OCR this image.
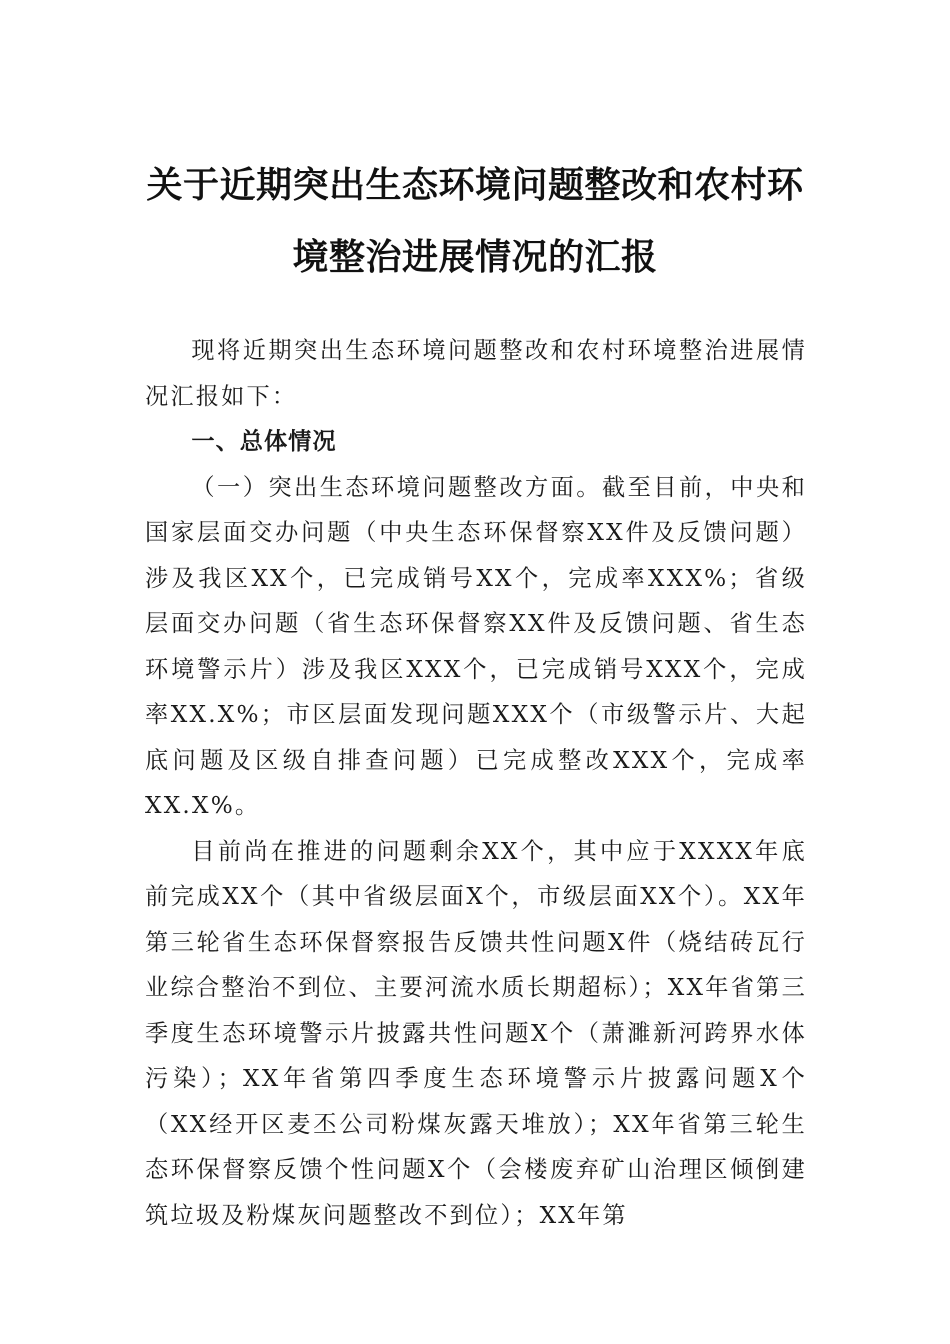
关于近期突出生态环境问题整改和农村环
境整治进展情况的汇报

现将近期突出生态环境问题整改和农村环境整治进展情况汇报如下：

一、总体情况

（一）突出生态环境问题整改方面。截至目前，中央和国家层面交办问题（中央生态环保督察XX件及反馈问题）涉及我区XX个，已完成销号XX个，完成率XXX%；省级层面交办问题（省生态环保督察XX件及反馈问题、省生态环境警示片）涉及我区XXX个，已完成销号XXX个，完成率XX.X%；市区层面发现问题XXX个（市级警示片、大起底问题及区级自排查问题）已完成整改XXX个，完成率XX.X%。

目前尚在推进的问题剩余XX个，其中应于XXXX年底前完成XX个（其中省级层面X个，市级层面XX个）。XX年第三轮省生态环保督察报告反馈共性问题X件（烧结砖瓦行业综合整治不到位、主要河流水质长期超标）；XX年省第三季度生态环境警示片披露共性问题X个（萧濉新河跨界水体污染）；XX年省第四季度生态环境警示片披露问题X个（XX经开区麦丕公司粉煤灰露天堆放）；XX年省第三轮生态环保督察反馈个性问题X个（会楼废弃矿山治理区倾倒建筑垃圾及粉煤灰问题整改不到位）；XX年第
